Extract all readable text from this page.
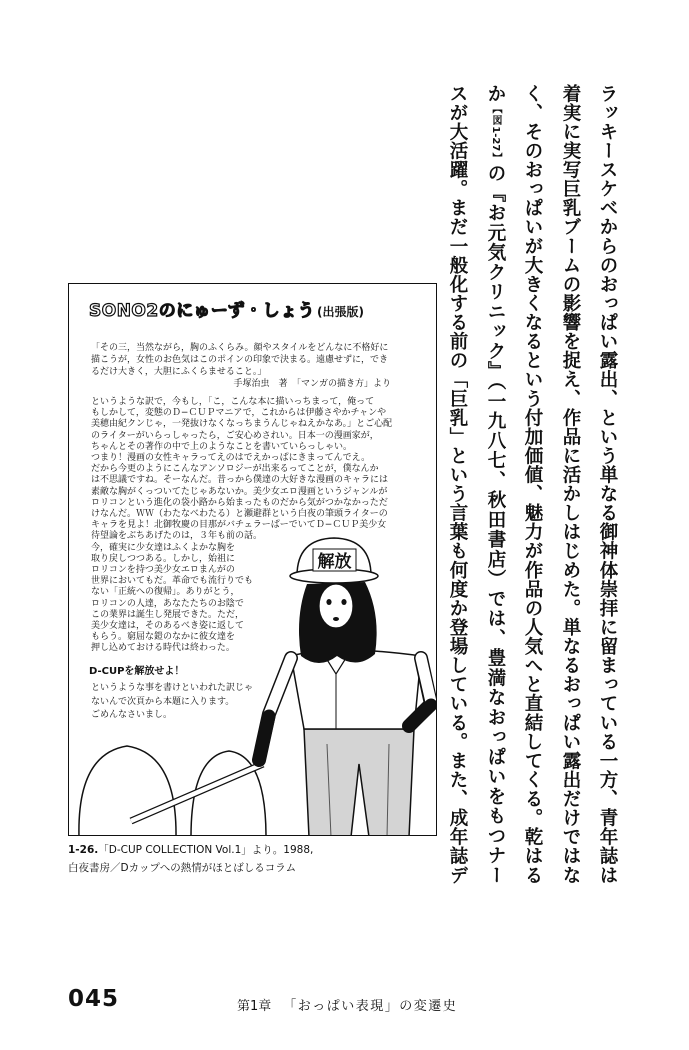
ラッキースケベからのおっぱい露出、という単なる御神体崇拝に留まっている一方、青年誌は
着実に実写巨乳ブームの影響を捉え、作品に活かしはじめた。単なるおっぱい露出だけではな
く、そのおっぱいが大きくなるという付加価値、魅力が作品の人気へと直結してくる。乾はる
か【図1-27】の『お元気クリニック』（一九八七、秋田書店）では、豊満なおっぱいをもつナー
スが大活躍。まだ一般化する前の「巨乳」という言葉も何度か登場している。また、成年誌デ
解放
SONO2のにゅーず・しょう (出張版)
「その三，当然ながら，胸のふくらみ。顔やスタイルをどんなに不格好に
描こうが，女性のお色気はこのポインの印象で決まる。遠慮せずに，でき
るだけ大きく，大胆にふくらませること。」
手塚治虫　著　「マンガの描き方」より
というような訳で，今もし，「こ，こんな本に描いっちまって，俺って
もしかして，変態のＤ−ＣＵＰマニアで，これからは伊藤さやかチャンや
美穂由紀クンじゃ，一発抜けなくなっちまうんじゃねえかなあ。」とご心配
のライターがいらっしゃったら，ご安心めされい。日本一の漫画家が，
ちゃんとその著作の中で上のようなことを書いていらっしゃい。
つまり！漫画の女性キャラってえのはでえかっぱにきまってんでえ。
だから今更のようにこんなアンソロジーが出来るってことが，僕なんか
は不思議ですね。そーなんだ。昔っから僕達の大好きな漫画のキャラには
素敵な胸がくっついてたじゃあないか。美少女エロ漫画というジャンルが
ロリコンという進化の袋小路から始まったものだから気がつかなかっただ
けなんだ。ＷＷ（わたなべわたる）と瀬避群という白夜の筆頭ライターの
キャラを見よ！北御牧慶の目那がバチェラーぱーでいてＤ−ＣＵＰ美少女
待望論をぶちあげたのは，３年も前の話。
今，確実に少女達はふくよかな胸を
取り戻しつつある。しかし，始祖に
ロリコンを持つ美少女エロまんがの
世界においてもだ。革命でも流行りでも
ない「正統への復帰」。ありがとう，
ロリコンの人達，あなたたちのお陰で
この業界は誕生し発展できた。ただ，
美少女達は，そのあるべき姿に返して
もらう。窮屈な鎧のなかに彼女達を
押し込めておける時代は終わった。
D-CUPを解放せよ！
というような事を書けといわれた訳じゃ
ないんで次頁から本題に入ります。
ごめんなさいまし。
1-26.「D-CUP COLLECTION Vol.1」より。1988,
白夜書房／Dカップへの熱情がほとばしるコラム
045	第1章 「おっぱい表現」の変遷史
